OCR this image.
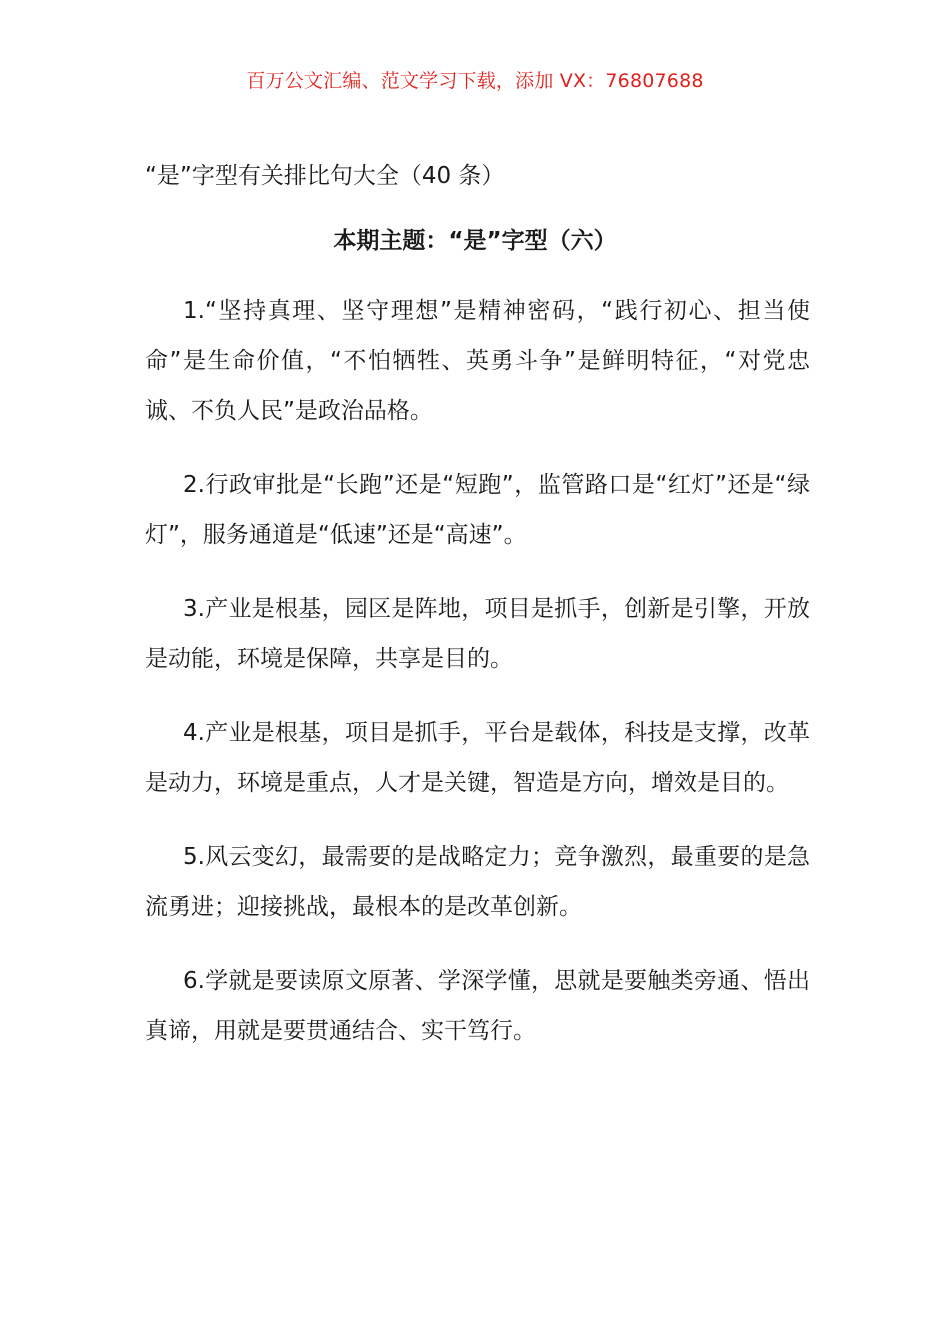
百万公文汇编、范文学习下载，添加 VX：76807688
“是”字型有关排比句大全（40 条）
本期主题：“是”字型（六）

1.“坚持真理、坚守理想”是精神密码，“践行初心、担当使命”是生命价值，“不怕牺牲、英勇斗争”是鲜明特征，“对党忠诚、不负人民”是政治品格。

2.行政审批是“长跑”还是“短跑”，监管路口是“红灯”还是“绿灯”，服务通道是“低速”还是“高速”。

3.产业是根基，园区是阵地，项目是抓手，创新是引擎，开放是动能，环境是保障，共享是目的。

4.产业是根基，项目是抓手，平台是载体，科技是支撑，改革是动力，环境是重点，人才是关键，智造是方向，增效是目的。

5.风云变幻，最需要的是战略定力；竞争激烈，最重要的是急流勇进；迎接挑战，最根本的是改革创新。

6.学就是要读原文原著、学深学懂，思就是要触类旁通、悟出真谛，用就是要贯通结合、实干笃行。
